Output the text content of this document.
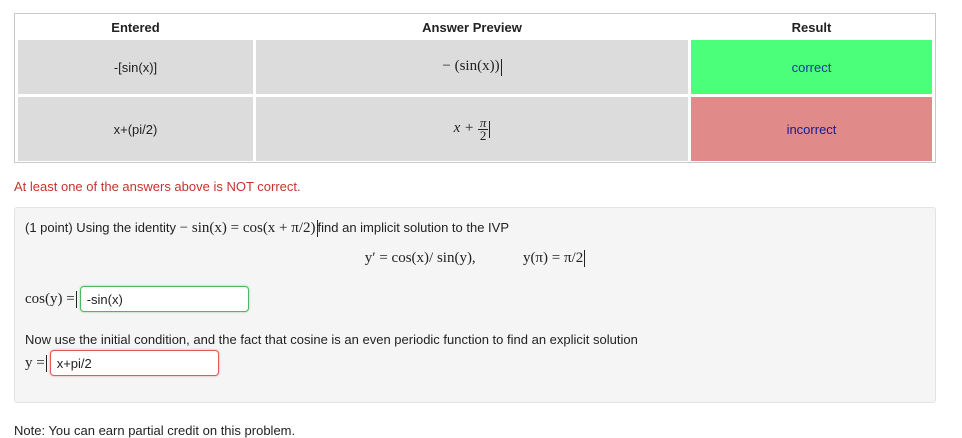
Entered	Answer Preview	Result
-[sin(x)]	− (sin(x))	correct
x+(pi/2)	$x + \frac{\pi}{2}$	incorrect
At least one of the answers above is NOT correct.
(1 point) Using the identity − sin(x) = cos(x + π/2) find an implicit solution to the IVP
y′ = cos(x)/ sin(y),	y(π) = π/2
cos(y) =
-sin(x)
Now use the initial condition, and the fact that cosine is an even periodic function to find an explicit solution
y =
x+pi/2
Note: You can earn partial credit on this problem.
